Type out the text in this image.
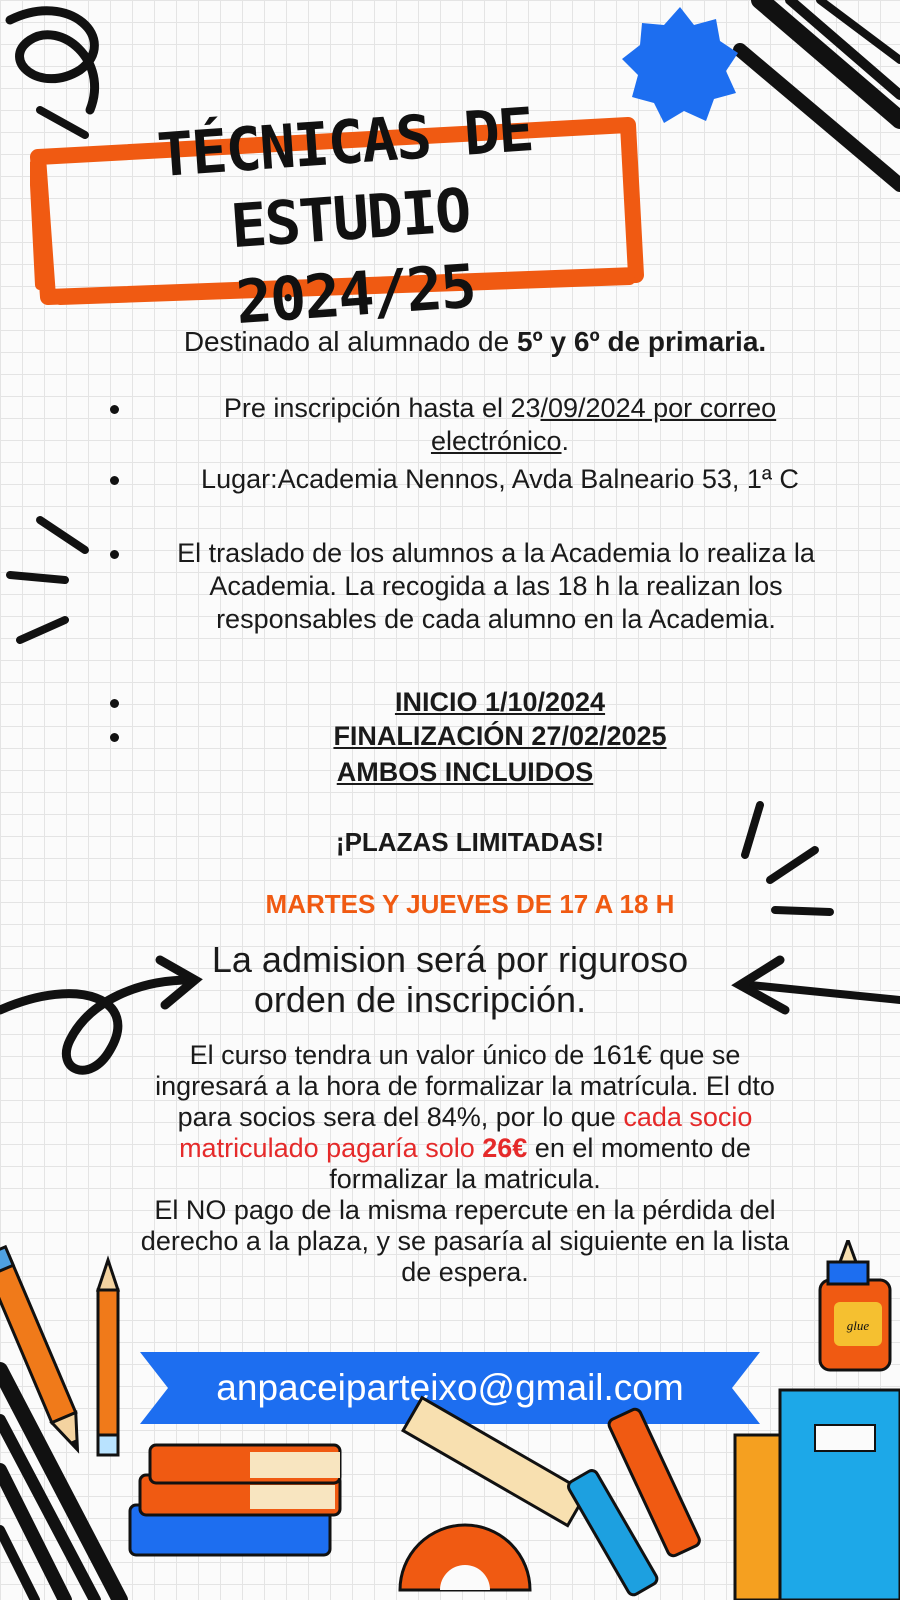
TÉCNICAS DE ESTUDIO
2024/25
Destinado al alumnado de 5º y 6º de primaria.
Pre inscripción hasta el 23/09/2024 por correo electrónico.
Lugar:Academia Nennos, Avda Balneario 53, 1ª C
El traslado de los alumnos a la Academia lo realiza la Academia. La recogida a las 18 h la realizan los responsables de cada alumno en la Academia.
INICIO 1/10/2024
FINALIZACIÓN 27/02/2025
AMBOS INCLUIDOS
¡PLAZAS LIMITADAS!
MARTES Y JUEVES DE 17 A 18 H
La admision será por riguroso
orden de inscripción.
El curso tendra un valor único de 161€ que se ingresará a la hora de formalizar la matrícula. El dto para socios sera del 84%, por lo que cada socio matriculado pagaría solo 26€ en el momento de formalizar la matricula.
El NO pago de la misma repercute en la pérdida del derecho a la plaza, y se pasaría al siguiente en la lista de espera.
anpaceiparteixo@gmail.com
glue
